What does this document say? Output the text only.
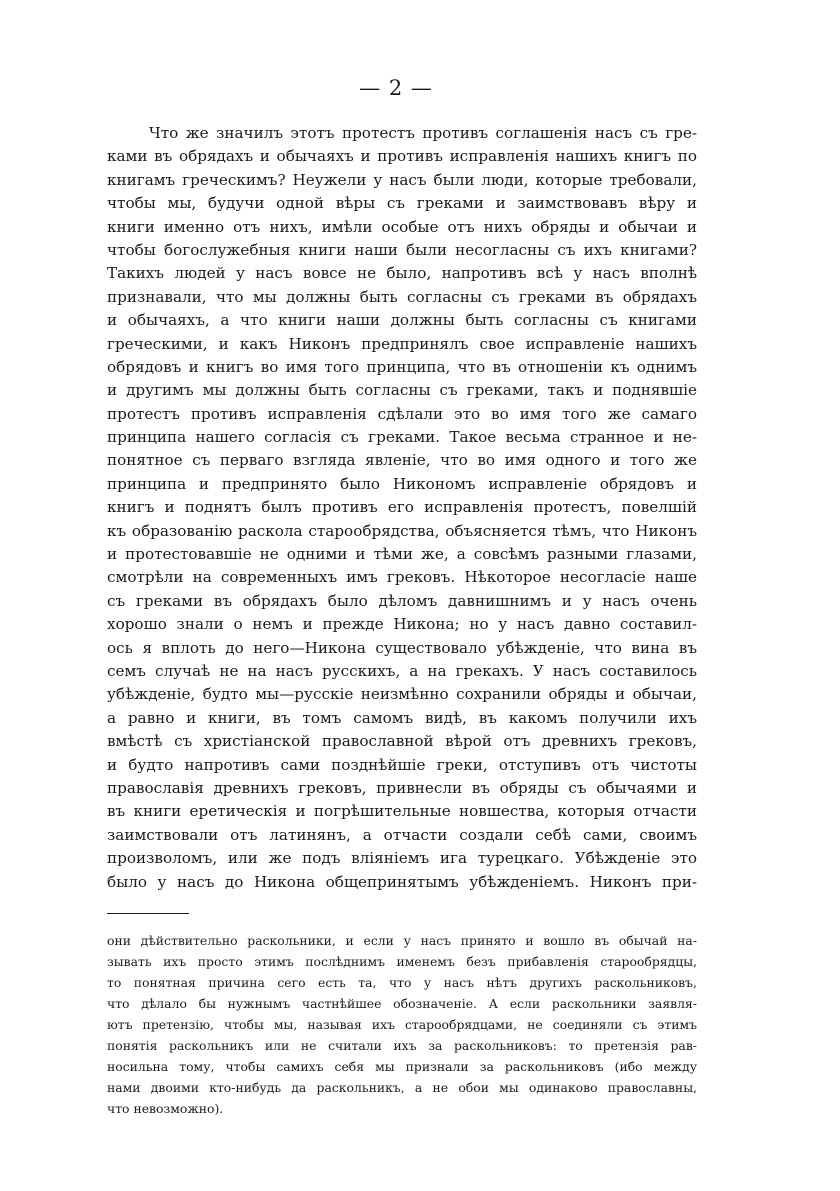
— 2 —
Что же значилъ этотъ протестъ противъ соглашенія насъ съ гре-
ками въ обрядахъ и обычаяхъ и противъ исправленія нашихъ книгъ по
книгамъ греческимъ? Неужели у насъ были люди, которые требовали,
чтобы мы, будучи одной вѣры съ греками и заимствовавъ вѣру и
книги именно отъ нихъ, имѣли особые отъ нихъ обряды и обычаи и
чтобы богослужебныя книги наши были несогласны съ ихъ книгами?
Такихъ людей у насъ вовсе не было, напротивъ всѣ у насъ вполнѣ
признавали, что мы должны быть согласны съ греками въ обрядахъ
и обычаяхъ, а что книги наши должны быть согласны съ книгами
греческими, и какъ Никонъ предпринялъ свое исправленіе нашихъ
обрядовъ и книгъ во имя того принципа, что въ отношеніи къ однимъ
и другимъ мы должны быть согласны съ греками, такъ и поднявшіе
протестъ противъ исправленія сдѣлали это во имя того же самаго
принципа нашего согласія съ греками. Такое весьма странное и не-
понятное съ перваго взгляда явленіе, что во имя одного и того же
принципа и предпринято было Никономъ исправленіе обрядовъ и
книгъ и поднятъ былъ противъ его исправленія протестъ, повелшій
къ образованію раскола старообрядства, объясняется тѣмъ, что Никонъ
и протестовавшіе не одними и тѣми же, а совсѣмъ разными глазами,
смотрѣли на современныхъ имъ грековъ. Нѣкоторое несогласіе наше
съ греками въ обрядахъ было дѣломъ давнишнимъ и у насъ очень
хорошо знали о немъ и прежде Никона; но у насъ давно составил-
ось я вплоть до него—Никона существовало убѣжденіе, что вина въ
семъ случаѣ не на насъ русскихъ, а на грекахъ. У насъ составилось
убѣжденіе, будто мы—русскіе неизмѣнно сохранили обряды и обычаи,
а равно и книги, въ томъ самомъ видѣ, въ какомъ получили ихъ
вмѣстѣ съ христіанской православной вѣрой отъ древнихъ грековъ,
и будто напротивъ сами позднѣйшіе греки, отступивъ отъ чистоты
православія древнихъ грековъ, привнесли въ обряды съ обычаями и
въ книги еретическія и погрѣшительные новшества, которыя отчасти
заимствовали отъ латинянъ, а отчасти создали себѣ сами, своимъ
произволомъ, или же подъ вліяніемъ ига турецкаго. Убѣжденіе это
было у насъ до Никона общепринятымъ убѣжденіемъ. Никонъ при-
они дѣйствительно раскольники, и если у насъ принято и вошло въ обычай на-
зывать ихъ просто этимъ послѣднимъ именемъ безъ прибавленія старообрядцы,
то понятная причина сего есть та, что у насъ нѣтъ другихъ раскольниковъ,
что дѣлало бы нужнымъ частнѣйшее обозначеніе. А если раскольники заявля-
ютъ претензію, чтобы мы, называя ихъ старообрядцами, не соединяли съ этимъ
понятія раскольникъ или не считали ихъ за раскольниковъ: то претензія рав-
носильна тому, чтобы самихъ себя мы признали за раскольниковъ (ибо между
нами двоими кто-нибудь да раскольникъ, а не обои мы одинаково православны,
что невозможно).
